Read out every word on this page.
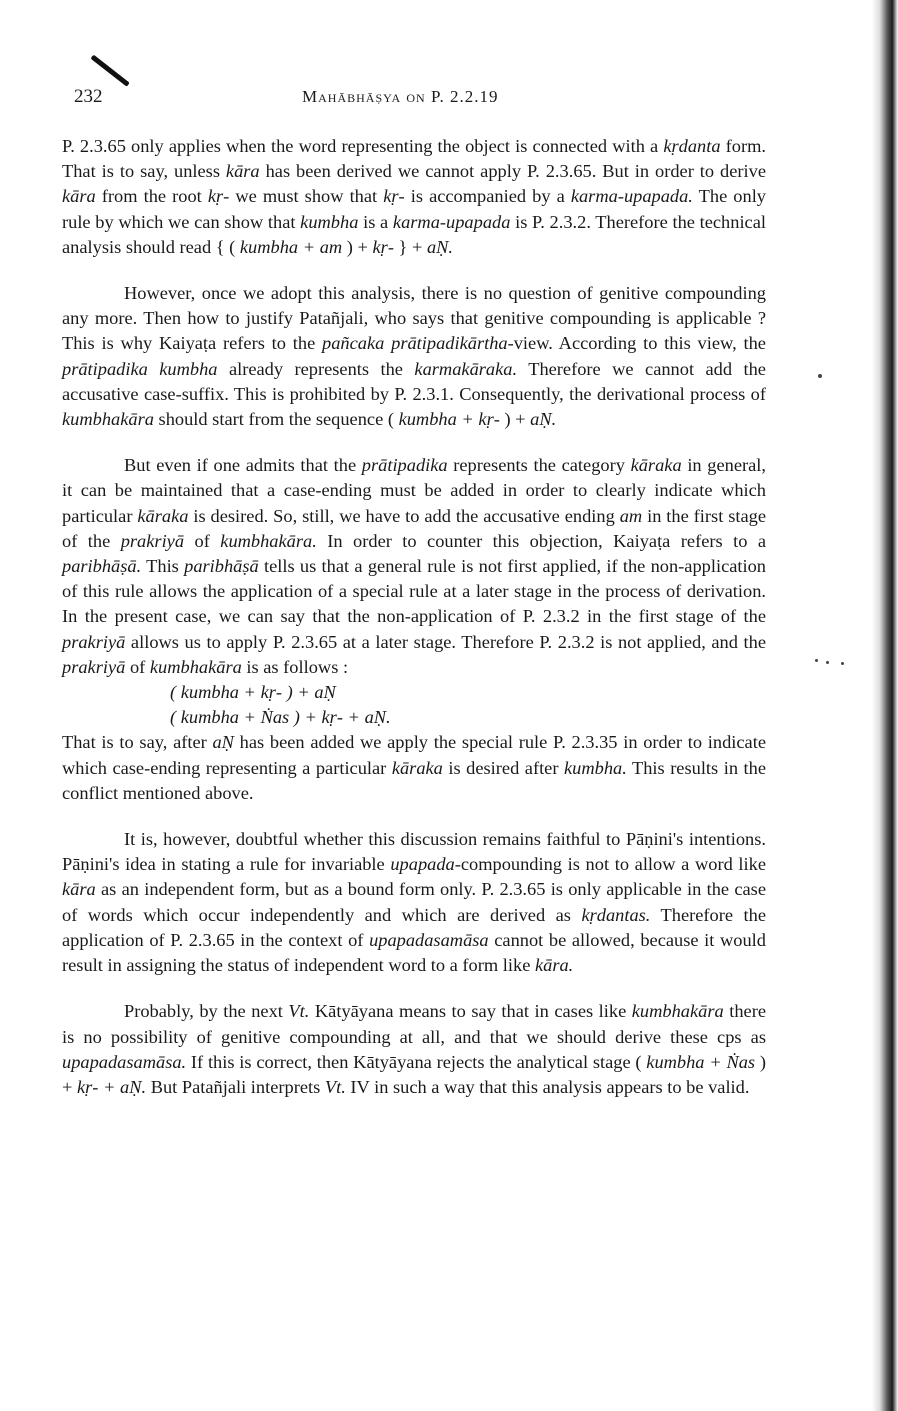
232	Mahābhāṣya on P. 2.2.19

P. 2.3.65 only applies when the word representing the object is connected with a kṛdanta form. That is to say, unless kāra has been derived we cannot apply P. 2.3.65. But in order to derive kāra from the root kṛ- we must show that kṛ- is accompanied by a karma-upapada. The only rule by which we can show that kumbha is a karma-upapada is P. 2.3.2. Therefore the technical analysis should read { ( kumbha + am ) + kṛ- } + aṆ.

However, once we adopt this analysis, there is no question of genitive compounding any more. Then how to justify Patañjali, who says that genitive compounding is applicable ? This is why Kaiyaṭa refers to the pañcaka prātipadikārtha-view. According to this view, the prātipadika kumbha already represents the karmakāraka. Therefore we cannot add the accusative case-suffix. This is prohibited by P. 2.3.1. Consequently, the derivational process of kumbhakāra should start from the sequence ( kumbha + kṛ- ) + aṆ.

But even if one admits that the prātipadika represents the category kāraka in general, it can be maintained that a case-ending must be added in order to clearly indicate which particular kāraka is desired. So, still, we have to add the accusative ending am in the first stage of the prakriyā of kumbhakāra. In order to counter this objection, Kaiyaṭa refers to a paribhāṣā. This paribhāṣā tells us that a general rule is not first applied, if the non-application of this rule allows the application of a special rule at a later stage in the process of derivation. In the present case, we can say that the non-application of P. 2.3.2 in the first stage of the prakriyā allows us to apply P. 2.3.65 at a later stage. Therefore P. 2.3.2 is not applied, and the prakriyā of kumbhakāra is as follows :

( kumbha + kṛ- ) + aṆ

( kumbha + Ṅas ) + kṛ- + aṆ.

That is to say, after aṆ has been added we apply the special rule P. 2.3.35 in order to indicate which case-ending representing a particular kāraka is desired after kumbha. This results in the conflict mentioned above.

It is, however, doubtful whether this discussion remains faithful to Pāṇini's intentions. Pāṇini's idea in stating a rule for invariable upapada-compounding is not to allow a word like kāra as an independent form, but as a bound form only. P. 2.3.65 is only applicable in the case of words which occur independently and which are derived as kṛdantas. Therefore the application of P. 2.3.65 in the context of upapadasamāsa cannot be allowed, because it would result in assigning the status of independent word to a form like kāra.

Probably, by the next Vt. Kātyāyana means to say that in cases like kumbhakāra there is no possibility of genitive compounding at all, and that we should derive these cps as upapadasamāsa. If this is correct, then Kātyāyana rejects the analytical stage ( kumbha + Ṅas ) + kṛ- + aṆ. But Patañjali interprets Vt. IV in such a way that this analysis appears to be valid.
